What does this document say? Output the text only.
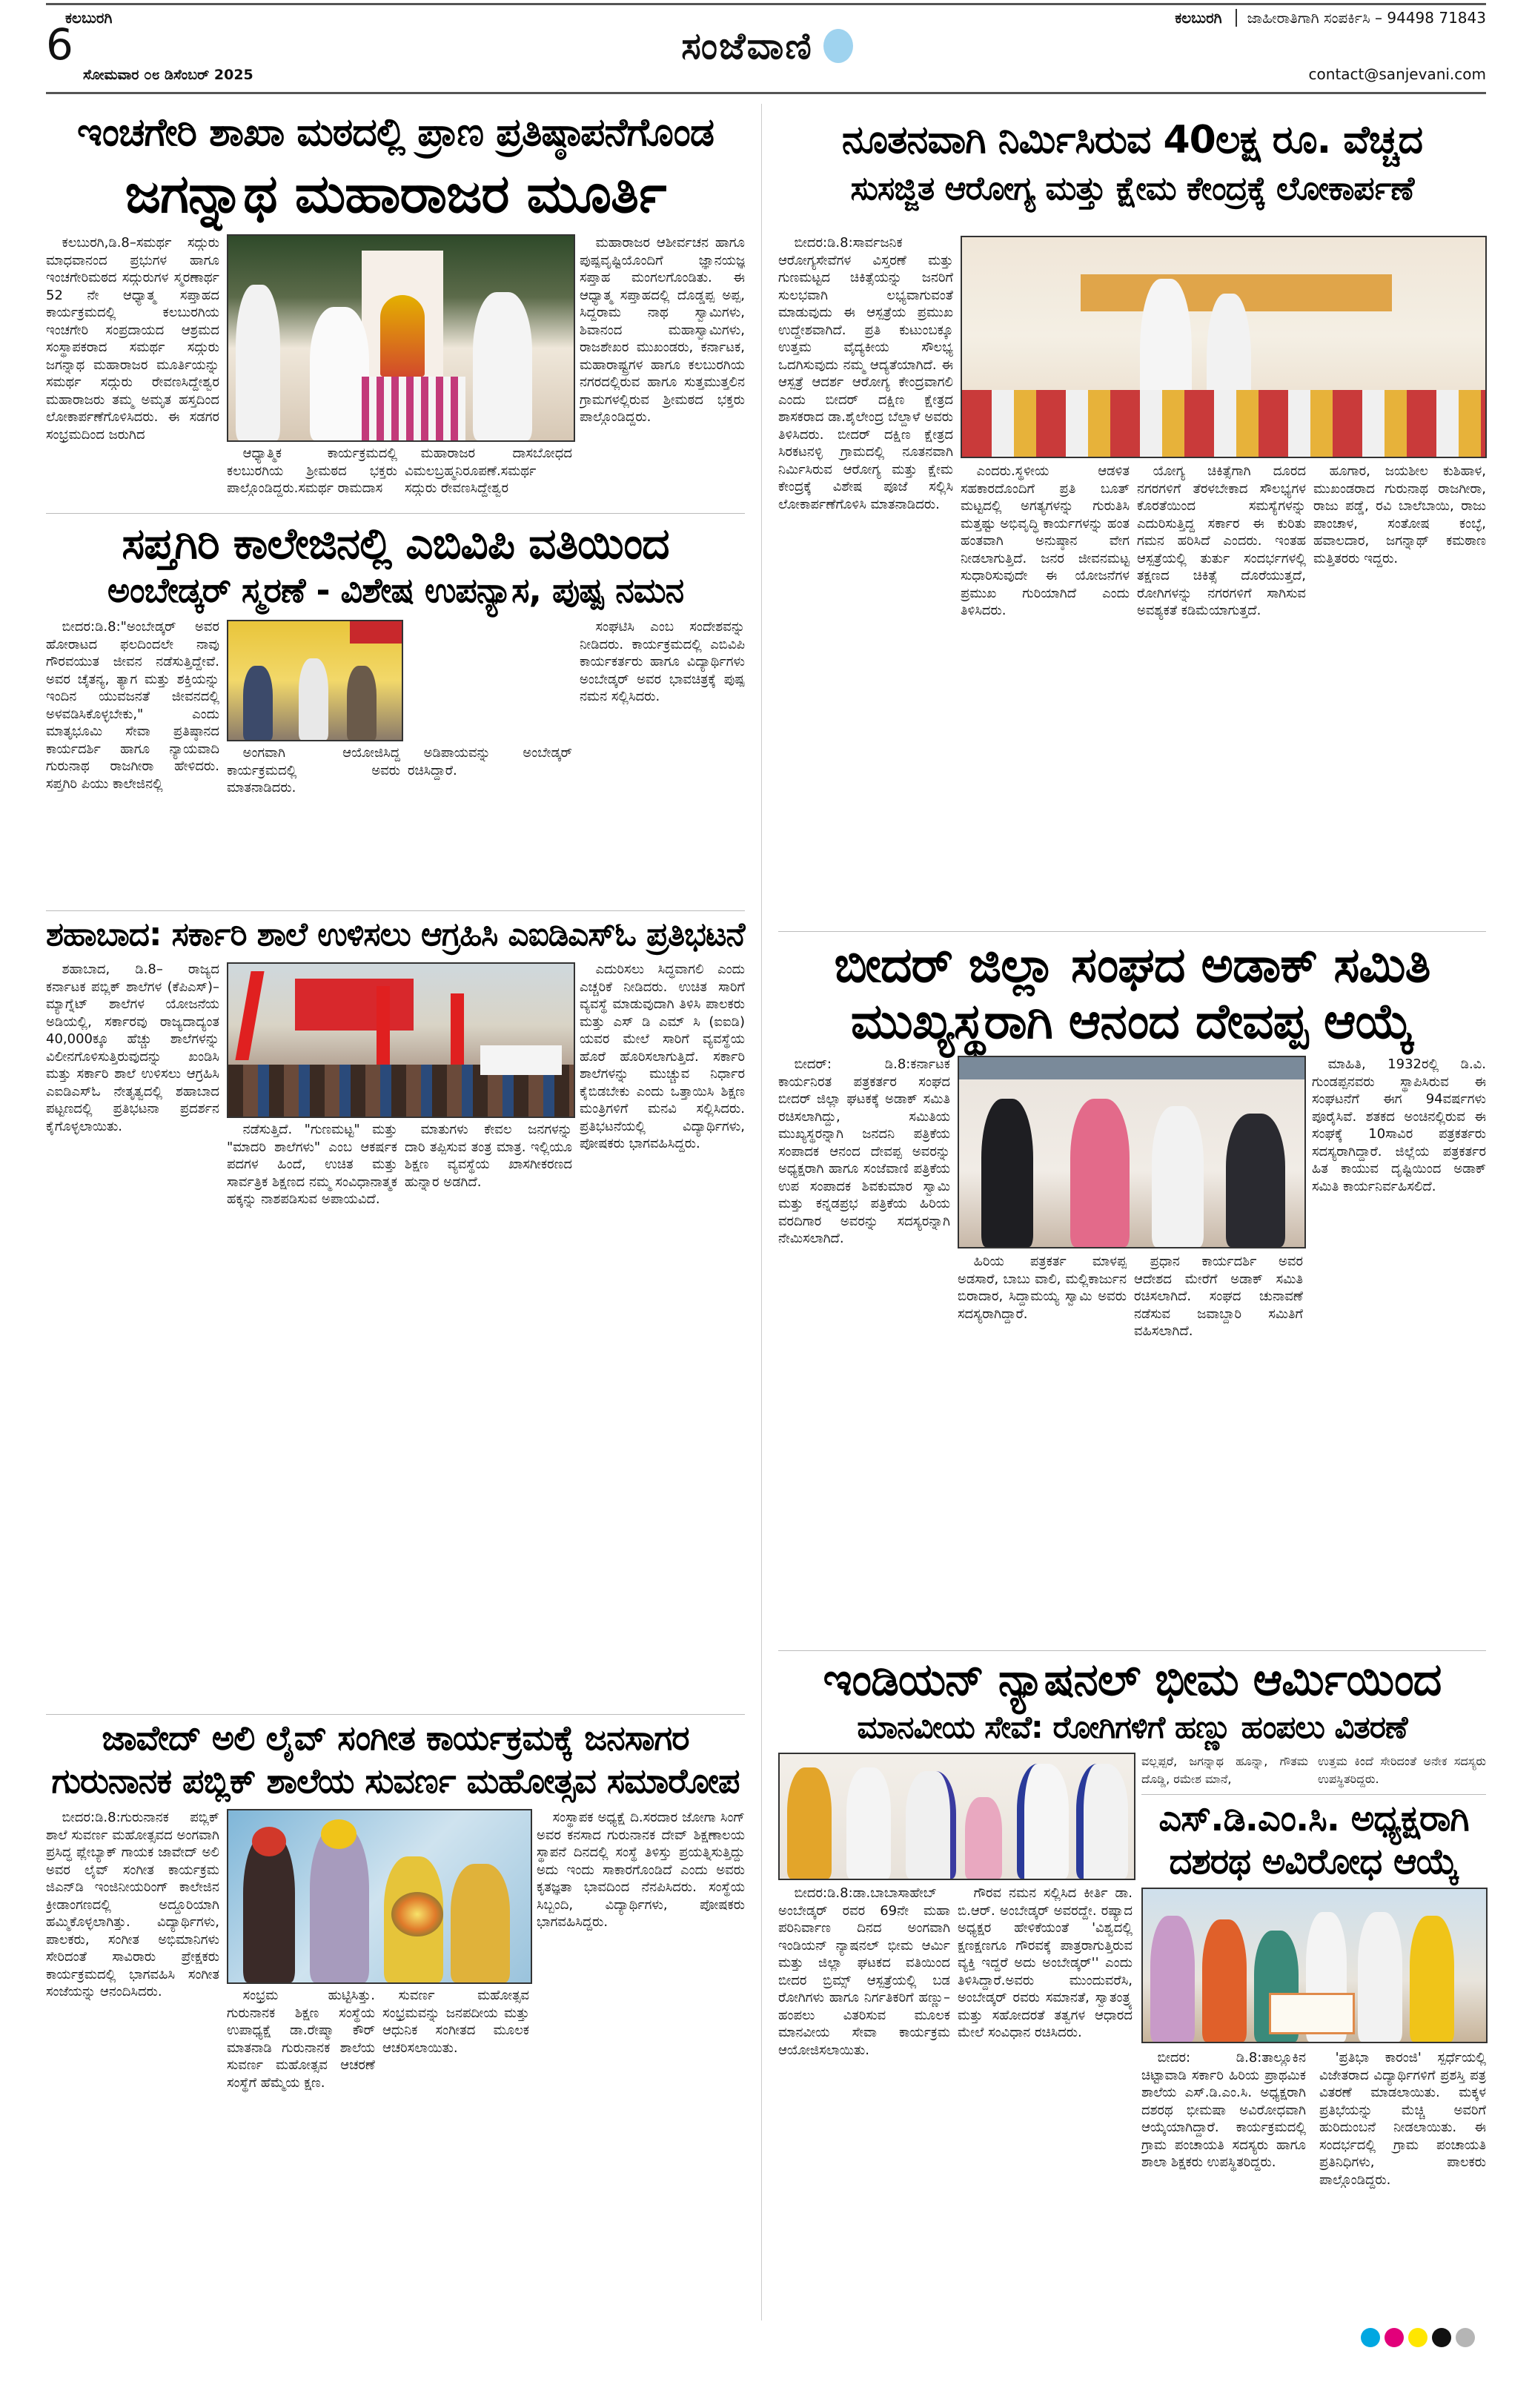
ಕಲಬುರಗಿ
6
ಸೋಮವಾರ ೦೮ ಡಿಸೆಂಬರ್ 2025
ಸಂಜೆವಾಣಿ
ಕಲಬುರಗಿ	ಜಾಹೀರಾತಿಗಾಗಿ ಸಂಪರ್ಕಿಸಿ – 94498 71843
contact@sanjevani.com
ಇಂಚಗೇರಿ ಶಾಖಾ ಮಠದಲ್ಲಿ ಪ್ರಾಣ ಪ್ರತಿಷ್ಠಾಪನೆಗೊಂಡ
ಜಗನ್ನಾಥ ಮಹಾರಾಜರ ಮೂರ್ತಿ

ಕಲಬುರಗಿ,ಡಿ.8–ಸಮರ್ಥ ಸದ್ಗುರು ಮಾಧವಾನಂದ ಪ್ರಭುಗಳ ಹಾಗೂ ಇಂಚಗೇರಿಮಠದ ಸದ್ಗುರುಗಳ ಸ್ಮರಣಾರ್ಥ 52 ನೇ ಆಧ್ಯಾತ್ಮ ಸಪ್ತಾಹದ ಕಾರ್ಯಕ್ರಮದಲ್ಲಿ ಕಲಬುರಗಿಯ ಇಂಚಗೇರಿ ಸಂಪ್ರದಾಯದ ಆಶ್ರಮದ ಸಂಸ್ಥಾಪಕರಾದ ಸಮರ್ಥ ಸದ್ಗುರು ಜಗನ್ನಾಥ ಮಹಾರಾಜರ ಮೂರ್ತಿಯನ್ನು ಸಮರ್ಥ ಸದ್ಗುರು ರೇವಣಸಿದ್ದೇಶ್ವರ ಮಹಾರಾಜರು ತಮ್ಮ ಅಮೃತ ಹಸ್ತದಿಂದ ಲೋಕಾರ್ಪಣೆಗೊಳಿಸಿದರು. ಈ ಸಡಗರ ಸಂಭ್ರಮದಿಂದ ಜರುಗಿದ

ಆಧ್ಯಾತ್ಮಿಕ ಕಾರ್ಯಕ್ರಮದಲ್ಲಿ ಕಲಬುರಗಿಯ ಶ್ರೀಮಠದ ಭಕ್ತರು ಪಾಲ್ಗೊಂಡಿದ್ದರು.ಸಮರ್ಥ ರಾಮದಾಸ

ಮಹಾರಾಜರ ದಾಸಬೋಧದ ವಿಮಲಬ್ರಹ್ಮನಿರೂಪಣೆ.ಸಮರ್ಥ ಸದ್ಗುರು ರೇವಣಸಿದ್ದೇಶ್ವರ

ಮಹಾರಾಜರ ಆಶೀರ್ವಚನ ಹಾಗೂ ಪುಷ್ಪವೃಷ್ಟಿಯೊಂದಿಗೆ ಜ್ಞಾನಯಜ್ಞ ಸಪ್ತಾಹ ಮಂಗಲಗೊಂಡಿತು. ಈ ಆಧ್ಯಾತ್ಮ ಸಪ್ತಾಹದಲ್ಲಿ ದೊಡ್ಡಪ್ಪ ಅಪ್ಪ, ಸಿದ್ದರಾಮ ನಾಥ ಸ್ವಾಮಿಗಳು, ಶಿವಾನಂದ ಮಹಾಸ್ವಾಮಿಗಳು, ರಾಜಶೇಖರ ಮುಖಂಡರು, ಕರ್ನಾಟಕ, ಮಹಾರಾಷ್ಟ್ರಗಳ ಹಾಗೂ ಕಲಬುರಗಿಯ ನಗರದಲ್ಲಿರುವ ಹಾಗೂ ಸುತ್ತಮುತ್ತಲಿನ ಗ್ರಾಮಗಳಲ್ಲಿರುವ ಶ್ರೀಮಠದ ಭಕ್ತರು ಪಾಲ್ಗೊಂಡಿದ್ದರು.

ಸಪ್ತಗಿರಿ ಕಾಲೇಜಿನಲ್ಲಿ ಎಬಿವಿಪಿ ವತಿಯಿಂದ
ಅಂಬೇಡ್ಕರ್ ಸ್ಮರಣೆ - ವಿಶೇಷ ಉಪನ್ಯಾಸ, ಪುಷ್ಪ ನಮನ

ಬೀದರ:ಡಿ.8:"ಅಂಬೇಡ್ಕರ್ ಅವರ ಹೋರಾಟದ ಫಲದಿಂದಲೇ ನಾವು ಗೌರವಯುತ ಜೀವನ ನಡೆಸುತ್ತಿದ್ದೇವೆ. ಅವರ ಚೈತನ್ಯ, ತ್ಯಾಗ ಮತ್ತು ಶಕ್ತಿಯನ್ನು ಇಂದಿನ ಯುವಜನತೆ ಜೀವನದಲ್ಲಿ ಅಳವಡಿಸಿಕೊಳ್ಳಬೇಕು," ಎಂದು ಮಾತೃಭೂಮಿ ಸೇವಾ ಪ್ರತಿಷ್ಠಾನದ ಕಾರ್ಯದರ್ಶಿ ಹಾಗೂ ನ್ಯಾಯವಾದಿ ಗುರುನಾಥ ರಾಜಗೀರಾ ಹೇಳಿದರು. ಸಪ್ತಗಿರಿ ಪಿಯು ಕಾಲೇಜಿನಲ್ಲಿ

ಅಂಗವಾಗಿ ಆಯೋಜಿಸಿದ್ದ ಕಾರ್ಯಕ್ರಮದಲ್ಲಿ ಅವರು ಮಾತನಾಡಿದರು.

ಅಡಿಪಾಯವನ್ನು ಅಂಬೇಡ್ಕರ್ ರಚಿಸಿದ್ದಾರೆ.

ಸಂಘಟಿಸಿ ಎಂಬ ಸಂದೇಶವನ್ನು ನೀಡಿದರು. ಕಾರ್ಯಕ್ರಮದಲ್ಲಿ ಎಬಿವಿಪಿ ಕಾರ್ಯಕರ್ತರು ಹಾಗೂ ವಿದ್ಯಾರ್ಥಿಗಳು ಅಂಬೇಡ್ಕರ್ ಅವರ ಭಾವಚಿತ್ರಕ್ಕೆ ಪುಷ್ಪ ನಮನ ಸಲ್ಲಿಸಿದರು.

ಶಹಾಬಾದ: ಸರ್ಕಾರಿ ಶಾಲೆ ಉಳಿಸಲು ಆಗ್ರಹಿಸಿ ಎಐಡಿಎಸ್‌ಓ ಪ್ರತಿಭಟನೆ

ಶಹಾಬಾದ, ಡಿ.8– ರಾಜ್ಯದ ಕರ್ನಾಟಕ ಪಬ್ಲಿಕ್ ಶಾಲೆಗಳ (ಕೆಪಿಎಸ್)–ಮ್ಯಾಗ್ನೆಟ್ ಶಾಲೆಗಳ ಯೋಜನೆಯ ಅಡಿಯಲ್ಲಿ, ಸರ್ಕಾರವು ರಾಜ್ಯದಾದ್ಯಂತ 40,000ಕ್ಕೂ ಹೆಚ್ಚು ಶಾಲೆಗಳನ್ನು ವಿಲೀನಗೊಳಿಸುತ್ತಿರುವುದನ್ನು ಖಂಡಿಸಿ ಮತ್ತು ಸರ್ಕಾರಿ ಶಾಲೆ ಉಳಿಸಲು ಆಗ್ರಹಿಸಿ ಎಐಡಿಎಸ್‌ಓ ನೇತೃತ್ವದಲ್ಲಿ ಶಹಾಬಾದ ಪಟ್ಟಣದಲ್ಲಿ ಪ್ರತಿಭಟನಾ ಪ್ರದರ್ಶನ ಕೈಗೊಳ್ಳಲಾಯಿತು.	ನಡೆಸುತ್ತಿದೆ. "ಗುಣಮಟ್ಟ" ಮತ್ತು "ಮಾದರಿ ಶಾಲೆಗಳು" ಎಂಬ ಆಕರ್ಷಕ ಪದಗಳ ಹಿಂದೆ, ಉಚಿತ ಮತ್ತು ಸಾರ್ವತ್ರಿಕ ಶಿಕ್ಷಣದ ನಮ್ಮ ಸಂವಿಧಾನಾತ್ಮಕ ಹಕ್ಕನ್ನು ನಾಶಪಡಿಸುವ ಅಪಾಯವಿದೆ.

ಮಾತುಗಳು ಕೇವಲ ಜನಗಳನ್ನು ದಾರಿ ತಪ್ಪಿಸುವ ತಂತ್ರ ಮಾತ್ರ. ಇಲ್ಲಿಯೂ ಶಿಕ್ಷಣ ವ್ಯವಸ್ಥೆಯ ಖಾಸಗೀಕರಣದ ಹುನ್ನಾರ ಅಡಗಿದೆ.

ಎದುರಿಸಲು ಸಿದ್ಧವಾಗಲಿ ಎಂದು ಎಚ್ಚರಿಕೆ ನೀಡಿದರು. ಉಚಿತ ಸಾರಿಗೆ ವ್ಯವಸ್ಥೆ ಮಾಡುವುದಾಗಿ ತಿಳಿಸಿ ಪಾಲಕರು ಮತ್ತು ಎಸ್ ಡಿ ಎಮ್ ಸಿ (ಐಐಡಿ) ಯವರ ಮೇಲೆ ಸಾರಿಗೆ ವ್ಯವಸ್ಥೆಯ ಹೊರೆ ಹೊರಿಸಲಾಗುತ್ತಿದೆ. ಸರ್ಕಾರಿ ಶಾಲೆಗಳನ್ನು ಮುಚ್ಚುವ ನಿರ್ಧಾರ ಕೈಬಿಡಬೇಕು ಎಂದು ಒತ್ತಾಯಿಸಿ ಶಿಕ್ಷಣ ಮಂತ್ರಿಗಳಿಗೆ ಮನವಿ ಸಲ್ಲಿಸಿದರು. ಪ್ರತಿಭಟನೆಯಲ್ಲಿ ವಿದ್ಯಾರ್ಥಿಗಳು, ಪೋಷಕರು ಭಾಗವಹಿಸಿದ್ದರು.

ಜಾವೇದ್ ಅಲಿ ಲೈವ್ ಸಂಗೀತ ಕಾರ್ಯಕ್ರಮಕ್ಕೆ ಜನಸಾಗರ
ಗುರುನಾನಕ ಪಬ್ಲಿಕ್ ಶಾಲೆಯ ಸುವರ್ಣ ಮಹೋತ್ಸವ ಸಮಾರೋಪ

ಬೀದರ:ಡಿ.8:ಗುರುನಾನಕ ಪಬ್ಲಿಕ್ ಶಾಲೆ ಸುವರ್ಣ ಮಹೋತ್ಸವದ ಅಂಗವಾಗಿ ಪ್ರಸಿದ್ಧ ಪ್ಲೇಬ್ಯಾಕ್ ಗಾಯಕ ಜಾವೇದ್ ಅಲಿ ಅವರ ಲೈವ್ ಸಂಗೀತ ಕಾರ್ಯಕ್ರಮ ಜಿಎನ್‌ಡಿ ಇಂಜಿನೀಯರಿಂಗ್ ಕಾಲೇಜಿನ ಕ್ರೀಡಾಂಗಣದಲ್ಲಿ ಅದ್ದೂರಿಯಾಗಿ ಹಮ್ಮಿಕೊಳ್ಳಲಾಗಿತ್ತು. ವಿದ್ಯಾರ್ಥಿಗಳು, ಪಾಲಕರು, ಸಂಗೀತ ಅಭಿಮಾನಿಗಳು ಸೇರಿದಂತೆ ಸಾವಿರಾರು ಪ್ರೇಕ್ಷಕರು ಕಾರ್ಯಕ್ರಮದಲ್ಲಿ ಭಾಗವಹಿಸಿ ಸಂಗೀತ ಸಂಜೆಯನ್ನು ಆನಂದಿಸಿದರು.	ಸಂಭ್ರಮ ಹುಟ್ಟಿಸಿತ್ತು. ಗುರುನಾನಕ ಶಿಕ್ಷಣ ಸಂಸ್ಥೆಯ ಉಪಾಧ್ಯಕ್ಷೆ ಡಾ.ರೇಷ್ಮಾ ಕೌರ್ ಮಾತನಾಡಿ ಗುರುನಾನಕ ಶಾಲೆಯ ಸುವರ್ಣ ಮಹೋತ್ಸವ ಆಚರಣೆ ಸಂಸ್ಥೆಗೆ ಹೆಮ್ಮೆಯ ಕ್ಷಣ.

ಸುವರ್ಣ ಮಹೋತ್ಸವ ಸಂಭ್ರಮವನ್ನು ಜನಪದೀಯ ಮತ್ತು ಆಧುನಿಕ ಸಂಗೀತದ ಮೂಲಕ ಆಚರಿಸಲಾಯಿತು.

ಸಂಸ್ಥಾಪಕ ಅಧ್ಯಕ್ಷೆ ದಿ.ಸರದಾರ ಜೋಗಾ ಸಿಂಗ್ ಅವರ ಕನಸಾದ ಗುರುನಾನಕ ದೇವ್ ಶಿಕ್ಷಣಾಲಯ ಸ್ಥಾಪನೆ ದಿನದಲ್ಲಿ ಸಂಸ್ಥೆ ತಿಳಿಸ್ತು ಪ್ರಯತ್ನಿಸುತ್ತಿದ್ದು ಅದು ಇಂದು ಸಾಕಾರಗೊಂಡಿದೆ ಎಂದು ಅವರು ಕೃತಜ್ಞತಾ ಭಾವದಿಂದ ನೆನಪಿಸಿದರು. ಸಂಸ್ಥೆಯ ಸಿಬ್ಬಂದಿ, ವಿದ್ಯಾರ್ಥಿಗಳು, ಪೋಷಕರು ಭಾಗವಹಿಸಿದ್ದರು.

ನೂತನವಾಗಿ ನಿರ್ಮಿಸಿರುವ 40ಲಕ್ಷ ರೂ. ವೆಚ್ಚದ
ಸುಸಜ್ಜಿತ ಆರೋಗ್ಯ ಮತ್ತು ಕ್ಷೇಮ ಕೇಂದ್ರಕ್ಕೆ ಲೋಕಾರ್ಪಣೆ

ಬೀದರ:ಡಿ.8:ಸಾರ್ವಜನಿಕ ಆರೋಗ್ಯಸೇವೆಗಳ ವಿಸ್ತರಣೆ ಮತ್ತು ಗುಣಮಟ್ಟದ ಚಿಕಿತ್ಸೆಯನ್ನು ಜನರಿಗೆ ಸುಲಭವಾಗಿ ಲಭ್ಯವಾಗುವಂತೆ ಮಾಡುವುದು ಈ ಆಸ್ಪತ್ರೆಯ ಪ್ರಮುಖ ಉದ್ದೇಶವಾಗಿದೆ. ಪ್ರತಿ ಕುಟುಂಬಕ್ಕೂ ಉತ್ತಮ ವೈದ್ಯಕೀಯ ಸೌಲಭ್ಯ ಒದಗಿಸುವುದು ನಮ್ಮ ಆದ್ಯತೆಯಾಗಿದೆ. ಈ ಆಸ್ಪತ್ರೆ ಆದರ್ಶ ಆರೋಗ್ಯ ಕೇಂದ್ರವಾಗಲಿ ಎಂದು ಬೀದರ್ ದಕ್ಷಿಣ ಕ್ಷೇತ್ರದ ಶಾಸಕರಾದ ಡಾ.ಶೈಲೇಂದ್ರ ಬೆಲ್ದಾಳೆ ಅವರು ತಿಳಿಸಿದರು. ಬೀದರ್ ದಕ್ಷಿಣ ಕ್ಷೇತ್ರದ ಸಿರಕಟನಳ್ಳಿ ಗ್ರಾಮದಲ್ಲಿ ನೂತನವಾಗಿ ನಿರ್ಮಿಸಿರುವ ಆರೋಗ್ಯ ಮತ್ತು ಕ್ಷೇಮ ಕೇಂದ್ರಕ್ಕೆ ವಿಶೇಷ ಪೂಜೆ ಸಲ್ಲಿಸಿ ಲೋಕಾರ್ಪಣೆಗೊಳಿಸಿ ಮಾತನಾಡಿದರು.

ಎಂದರು.ಸ್ಥಳೀಯ ಆಡಳಿತ ಸಹಕಾರದೊಂದಿಗೆ ಪ್ರತಿ ಬೂತ್ ಮಟ್ಟದಲ್ಲಿ ಅಗತ್ಯಗಳನ್ನು ಗುರುತಿಸಿ ಮತ್ತಷ್ಟು ಅಭಿವೃದ್ಧಿ ಕಾರ್ಯಗಳನ್ನು ಹಂತ ಹಂತವಾಗಿ ಅನುಷ್ಠಾನ ವೇಗ ನೀಡಲಾಗುತ್ತಿದೆ. ಜನರ ಜೀವನಮಟ್ಟ ಸುಧಾರಿಸುವುದೇ ಈ ಯೋಜನೆಗಳ ಪ್ರಮುಖ ಗುರಿಯಾಗಿದೆ ಎಂದು ತಿಳಿಸಿದರು.

ಯೋಗ್ಯ ಚಿಕಿತ್ಸೆಗಾಗಿ ದೂರದ ನಗರಗಳಿಗೆ ತೆರಳಬೇಕಾದ ಸೌಲಭ್ಯಗಳ ಕೊರತೆಯಿಂದ ಸಮಸ್ಯೆಗಳನ್ನು ಎದುರಿಸುತ್ತಿದ್ದ ಸರ್ಕಾರ ಈ ಕುರಿತು ಗಮನ ಹರಿಸಿದೆ ಎಂದರು. ಇಂತಹ ಆಸ್ಪತ್ರೆಯಲ್ಲಿ ತುರ್ತು ಸಂದರ್ಭಗಳಲ್ಲಿ ತಕ್ಷಣದ ಚಿಕಿತ್ಸೆ ದೊರೆಯುತ್ತದೆ, ರೋಗಿಗಳನ್ನು ನಗರಗಳಿಗೆ ಸಾಗಿಸುವ ಅವಶ್ಯಕತೆ ಕಡಿಮೆಯಾಗುತ್ತದೆ.

ಹೂಗಾರ, ಜಯಶೀಲ ಕುಶಿಹಾಳ, ಮುಖಂಡರಾದ ಗುರುನಾಥ ರಾಜಗೀರಾ, ರಾಜು ಪಡ್ಡೆ, ರವಿ ಬಾಲೆಬಾಯಿ, ರಾಜು ಪಾಂಚಾಳ, ಸಂತೋಷ ಕಂಬ್ಳೆ, ಹವಾಲದಾರ, ಜಗನ್ನಾಥ್ ಕಮಠಾಣ ಮತ್ತಿತರರು ಇದ್ದರು.

ಬೀದರ್ ಜಿಲ್ಲಾ ಸಂಘದ ಅಡಾಕ್ ಸಮಿತಿ
ಮುಖ್ಯಸ್ಥರಾಗಿ ಆನಂದ ದೇವಪ್ಪ ಆಯ್ಕೆ

ಬೀದರ್: ಡಿ.8:ಕರ್ನಾಟಕ ಕಾರ್ಯನಿರತ ಪತ್ರಕರ್ತರ ಸಂಘದ ಬೀದರ್ ಜಿಲ್ಲಾ ಘಟಕಕ್ಕೆ ಅಡಾಕ್ ಸಮಿತಿ ರಚಿಸಲಾಗಿದ್ದು, ಸಮಿತಿಯ ಮುಖ್ಯಸ್ಥರನ್ನಾಗಿ ಜನದನಿ ಪತ್ರಿಕೆಯ ಸಂಪಾದಕ ಆನಂದ ದೇವಪ್ಪ ಅವರನ್ನು ಅಧ್ಯಕ್ಷರಾಗಿ ಹಾಗೂ ಸಂಜೆವಾಣಿ ಪತ್ರಿಕೆಯ ಉಪ ಸಂಪಾದಕ ಶಿವಕುಮಾರ ಸ್ವಾಮಿ ಮತ್ತು ಕನ್ನಡಪ್ರಭ ಪತ್ರಿಕೆಯ ಹಿರಿಯ ವರದಿಗಾರ ಅವರನ್ನು ಸದಸ್ಯರನ್ನಾಗಿ ನೇಮಿಸಲಾಗಿದೆ.

ಹಿರಿಯ ಪತ್ರಕರ್ತ ಮಾಳಪ್ಪ ಅಡಸಾರೆ, ಬಾಬು ವಾಲಿ, ಮಲ್ಲಿಕಾರ್ಜುನ ಬಿರಾದಾರ, ಸಿದ್ದಾಮಯ್ಯ ಸ್ವಾಮಿ ಅವರು ಸದಸ್ಯರಾಗಿದ್ದಾರೆ.

ಪ್ರಧಾನ ಕಾರ್ಯದರ್ಶಿ ಅವರ ಆದೇಶದ ಮೇರೆಗೆ ಅಡಾಕ್ ಸಮಿತಿ ರಚಿಸಲಾಗಿದೆ. ಸಂಘದ ಚುನಾವಣೆ ನಡೆಸುವ ಜವಾಬ್ದಾರಿ ಸಮಿತಿಗೆ ವಹಿಸಲಾಗಿದೆ.

ಮಾಹಿತಿ, 1932ರಲ್ಲಿ ಡಿ.ವಿ. ಗುಂಡಪ್ಪನವರು ಸ್ಥಾಪಿಸಿರುವ ಈ ಸಂಘಟನೆಗೆ ಈಗ 94ವರ್ಷಗಳು ಪೂರೈಸಿವೆ. ಶತಕದ ಅಂಚಿನಲ್ಲಿರುವ ಈ ಸಂಘಕ್ಕೆ 10ಸಾವಿರ ಪತ್ರಕರ್ತರು ಸದಸ್ಯರಾಗಿದ್ದಾರೆ. ಜಿಲ್ಲೆಯ ಪತ್ರಕರ್ತರ ಹಿತ ಕಾಯುವ ದೃಷ್ಟಿಯಿಂದ ಅಡಾಕ್ ಸಮಿತಿ ಕಾರ್ಯನಿರ್ವಹಿಸಲಿದೆ.

ಇಂಡಿಯನ್ ನ್ಯಾಷನಲ್ ಭೀಮ ಆರ್ಮಿಯಿಂದ
ಮಾನವೀಯ ಸೇವೆ: ರೋಗಿಗಳಿಗೆ ಹಣ್ಣು ಹಂಪಲು ವಿತರಣೆ

ಬೀದರ:ಡಿ.8:ಡಾ.ಬಾಬಾಸಾಹೇಬ್ ಅಂಬೇಡ್ಕರ್ ರವರ 69ನೇ ಮಹಾ ಪರಿನಿರ್ವಾಣ ದಿನದ ಅಂಗವಾಗಿ ಇಂಡಿಯನ್ ನ್ಯಾಷನಲ್ ಭೀಮ ಆರ್ಮಿ ಮತ್ತು ಜಿಲ್ಲಾ ಘಟಕದ ವತಿಯಿಂದ ಬೀದರ ಬ್ರಿಮ್ಸ್ ಆಸ್ಪತ್ರೆಯಲ್ಲಿ ಬಡ ರೋಗಿಗಳು ಹಾಗೂ ನಿರ್ಗತಿಕರಿಗೆ ಹಣ್ಣು–ಹಂಪಲು ವಿತರಿಸುವ ಮೂಲಕ ಮಾನವೀಯ ಸೇವಾ ಕಾರ್ಯಕ್ರಮ ಆಯೋಜಿಸಲಾಯಿತು.

ಗೌರವ ನಮನ ಸಲ್ಲಿಸಿದ ಕೀರ್ತಿ ಡಾ. ಬಿ.ಆರ್. ಅಂಬೇಡ್ಕರ್ ಅವರದ್ದೇ. ರಷ್ಯಾದ ಅಧ್ಯಕ್ಷರ ಹೇಳಿಕೆಯಂತೆ 'ವಿಶ್ವದಲ್ಲಿ ಕ್ಷಣಕ್ಷಣಗೂ ಗೌರವಕ್ಕೆ ಪಾತ್ರರಾಗುತ್ತಿರುವ ವ್ಯಕ್ತಿ ಇದ್ದರೆ ಅದು ಅಂಬೇಡ್ಕರ್'' ಎಂದು ತಿಳಿಸಿದ್ದಾರೆ.ಅವರು ಮುಂದುವರೆಸಿ, ಅಂಬೇಡ್ಕರ್ ರವರು ಸಮಾನತೆ, ಸ್ವಾತಂತ್ರ್ಯ ಮತ್ತು ಸಹೋದರತೆ ತತ್ವಗಳ ಆಧಾರದ ಮೇಲೆ ಸಂವಿಧಾನ ರಚಿಸಿದರು.

ವಲ್ಲಪ್ಪರೆ, ಜಗನ್ನಾಥ ಹೂನ್ನಾ, ಗೌತಮ ದೊಡ್ಡಿ, ರಮೇಶ ಮಾನೆ,

ಉತ್ತಮ ಕಿಂದೆ ಸೇರಿದಂತೆ ಅನೇಕ ಸದಸ್ಯರು ಉಪಸ್ಥಿತರಿದ್ದರು.

ಎಸ್.ಡಿ.ಎಂ.ಸಿ. ಅಧ್ಯಕ್ಷರಾಗಿ
ದಶರಥ ಅವಿರೋಧ ಆಯ್ಕೆ

ಬೀದರ: ಡಿ.8:ತಾಲ್ಲೂಕಿನ ಚಿಟ್ಟಾವಾಡಿ ಸರ್ಕಾರಿ ಹಿರಿಯ ಪ್ರಾಥಮಿಕ ಶಾಲೆಯ ಎಸ್.ಡಿ.ಎಂ.ಸಿ. ಅಧ್ಯಕ್ಷರಾಗಿ ದಶರಥ ಭೀಮಷಾ ಅವಿರೋಧವಾಗಿ ಆಯ್ಕೆಯಾಗಿದ್ದಾರೆ. ಕಾರ್ಯಕ್ರಮದಲ್ಲಿ ಗ್ರಾಮ ಪಂಚಾಯತಿ ಸದಸ್ಯರು ಹಾಗೂ ಶಾಲಾ ಶಿಕ್ಷಕರು ಉಪಸ್ಥಿತರಿದ್ದರು.

'ಪ್ರತಿಭಾ ಕಾರಂಜಿ' ಸ್ಪರ್ಧೆಯಲ್ಲಿ ವಿಜೇತರಾದ ವಿದ್ಯಾರ್ಥಿಗಳಿಗೆ ಪ್ರಶಸ್ತಿ ಪತ್ರ ವಿತರಣೆ ಮಾಡಲಾಯಿತು. ಮಕ್ಕಳ ಪ್ರತಿಭೆಯನ್ನು ಮೆಚ್ಚಿ ಅವರಿಗೆ ಹುರಿದುಂಬನೆ ನೀಡಲಾಯಿತು. ಈ ಸಂದರ್ಭದಲ್ಲಿ ಗ್ರಾಮ ಪಂಚಾಯತಿ ಪ್ರತಿನಿಧಿಗಳು, ಪಾಲಕರು ಪಾಲ್ಗೊಂಡಿದ್ದರು.
